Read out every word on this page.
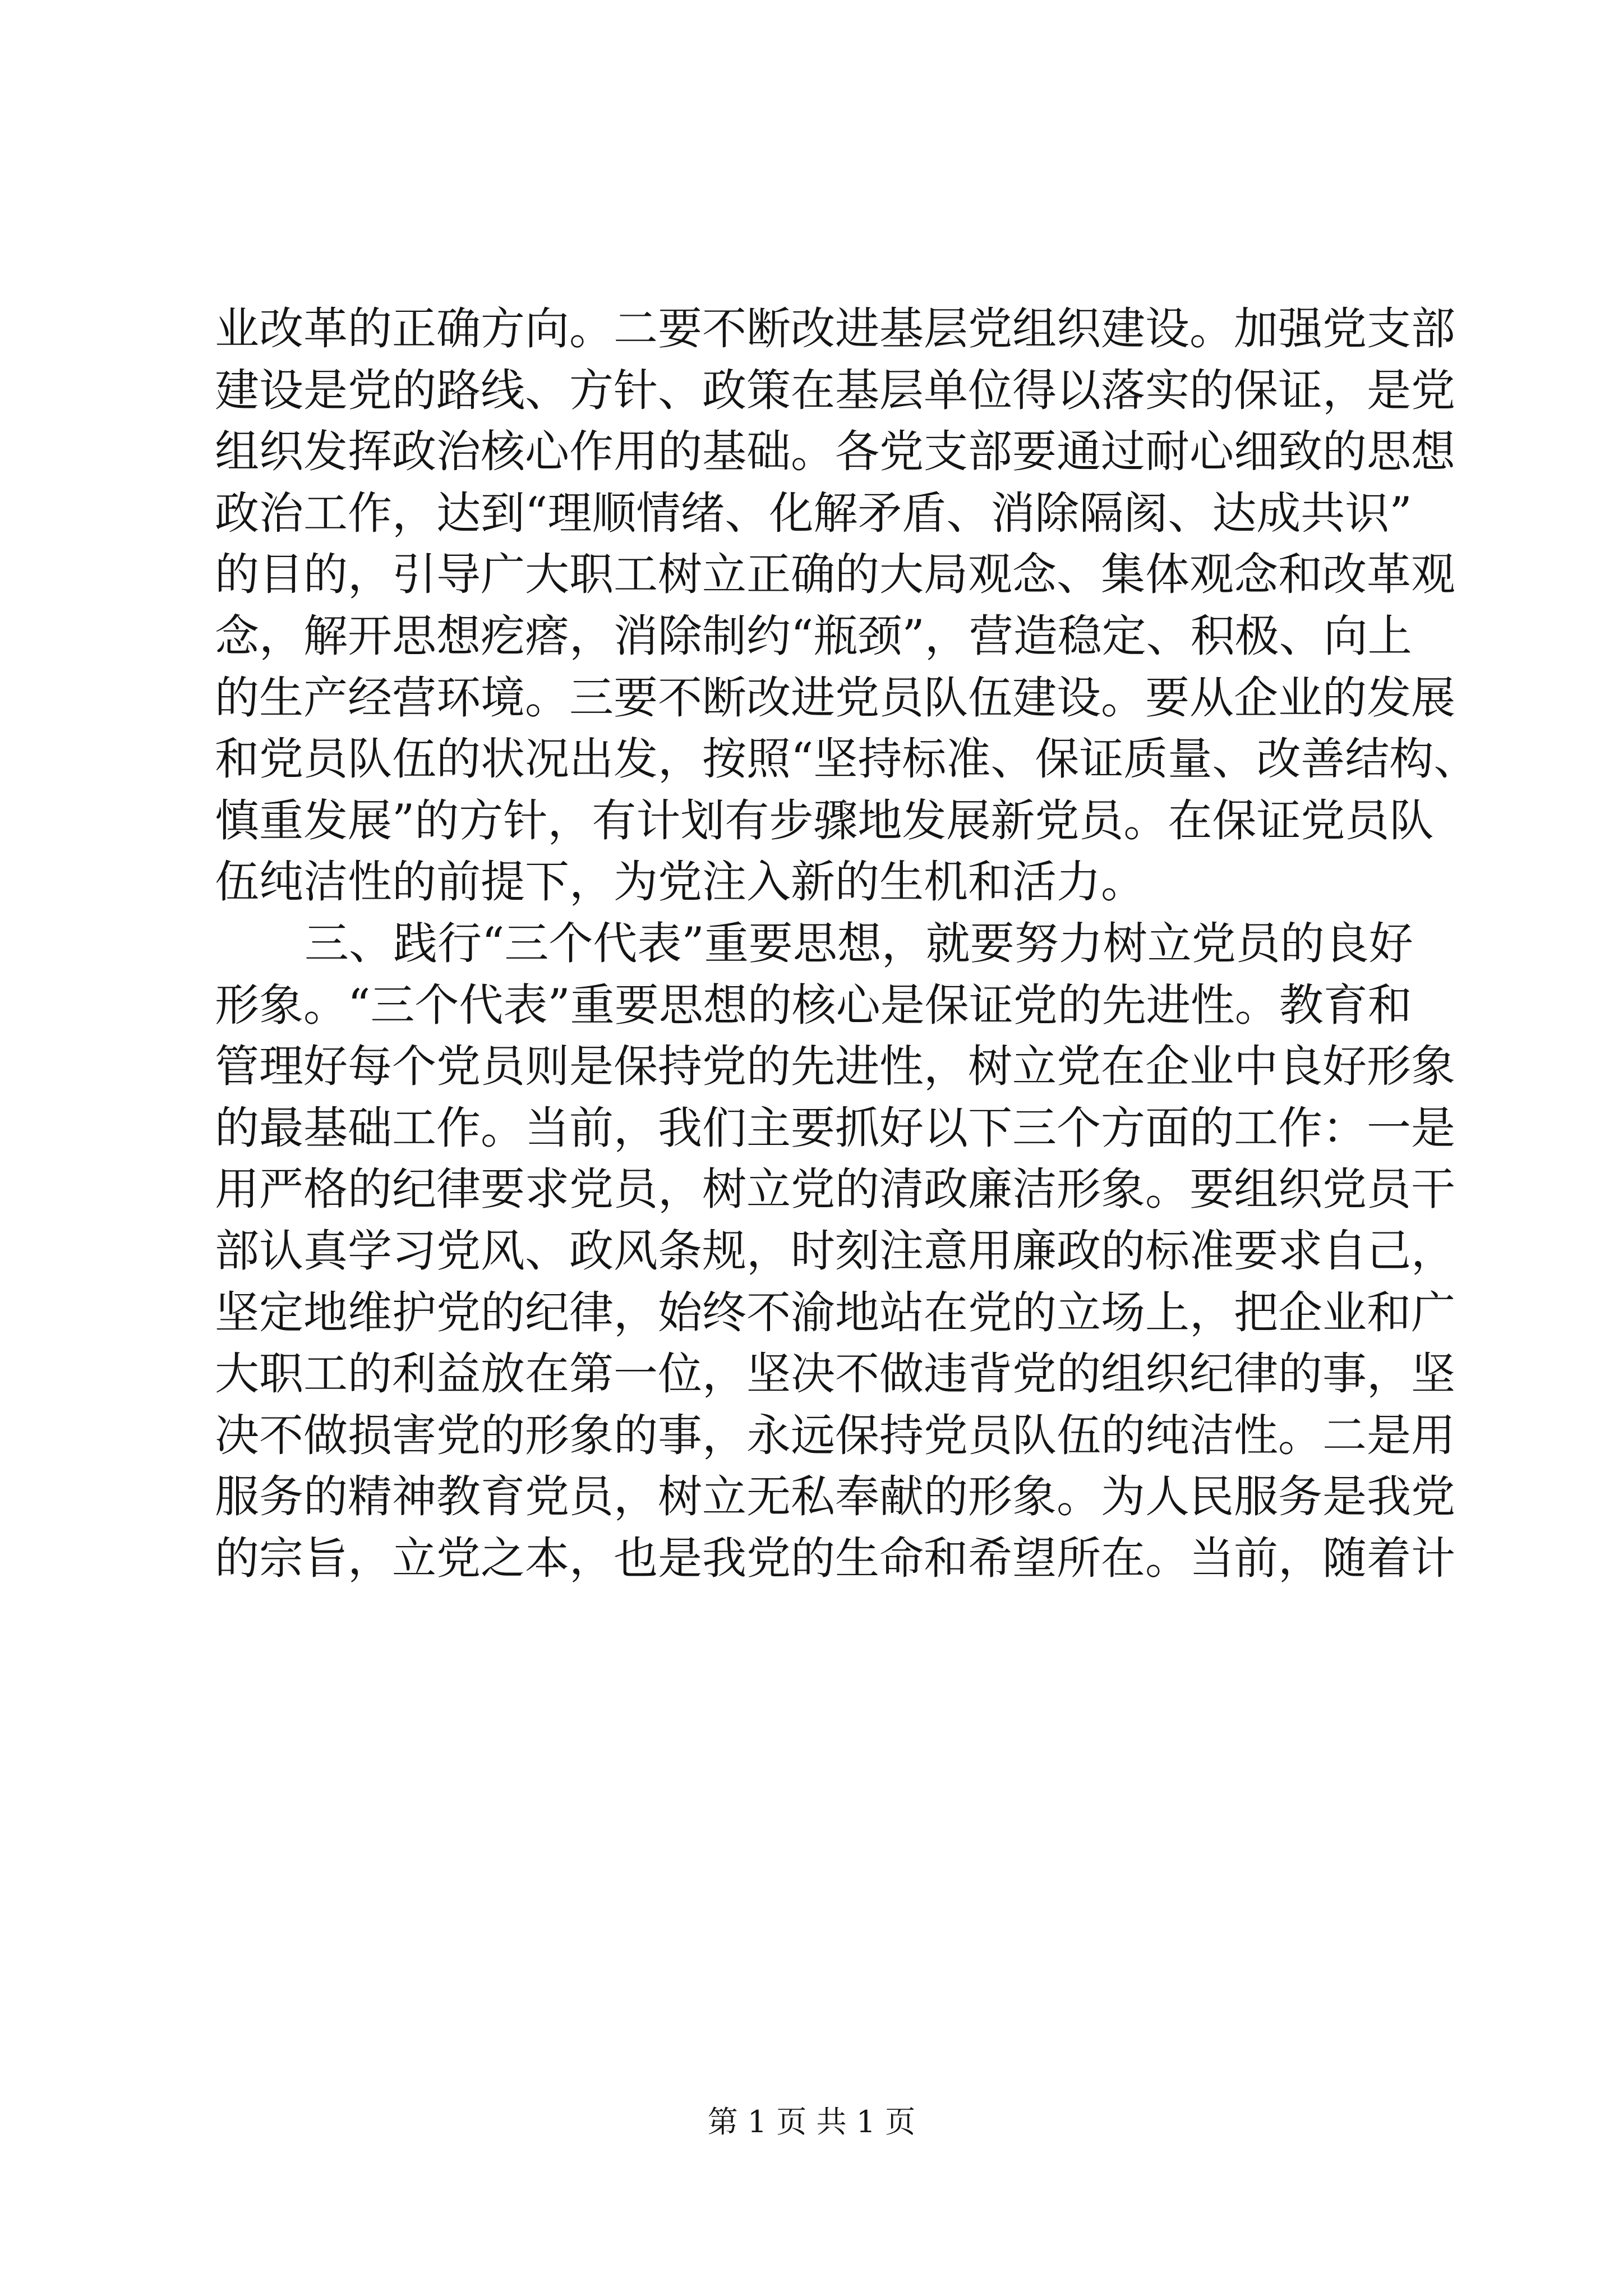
业改革的正确方向。二要不断改进基层党组织建设。加强党支部
建设是党的路线、方针、政策在基层单位得以落实的保证，是党
组织发挥政治核心作用的基础。各党支部要通过耐心细致的思想
政治工作，达到“理顺情绪、化解矛盾、消除隔阂、达成共识”
的目的，引导广大职工树立正确的大局观念、集体观念和改革观
念，解开思想疙瘩，消除制约“瓶颈”，营造稳定、积极、向上
的生产经营环境。三要不断改进党员队伍建设。要从企业的发展
和党员队伍的状况出发，按照“坚持标准、保证质量、改善结构、
慎重发展”的方针，有计划有步骤地发展新党员。在保证党员队
伍纯洁性的前提下，为党注入新的生机和活力。
三、践行“三个代表”重要思想，就要努力树立党员的良好
形象。“三个代表”重要思想的核心是保证党的先进性。教育和
管理好每个党员则是保持党的先进性，树立党在企业中良好形象
的最基础工作。当前，我们主要抓好以下三个方面的工作：一是
用严格的纪律要求党员，树立党的清政廉洁形象。要组织党员干
部认真学习党风、政风条规，时刻注意用廉政的标准要求自己，
坚定地维护党的纪律，始终不渝地站在党的立场上，把企业和广
大职工的利益放在第一位，坚决不做违背党的组织纪律的事，坚
决不做损害党的形象的事，永远保持党员队伍的纯洁性。二是用
服务的精神教育党员，树立无私奉献的形象。为人民服务是我党
的宗旨，立党之本，也是我党的生命和希望所在。当前，随着计
第 1 页 共 1 页
